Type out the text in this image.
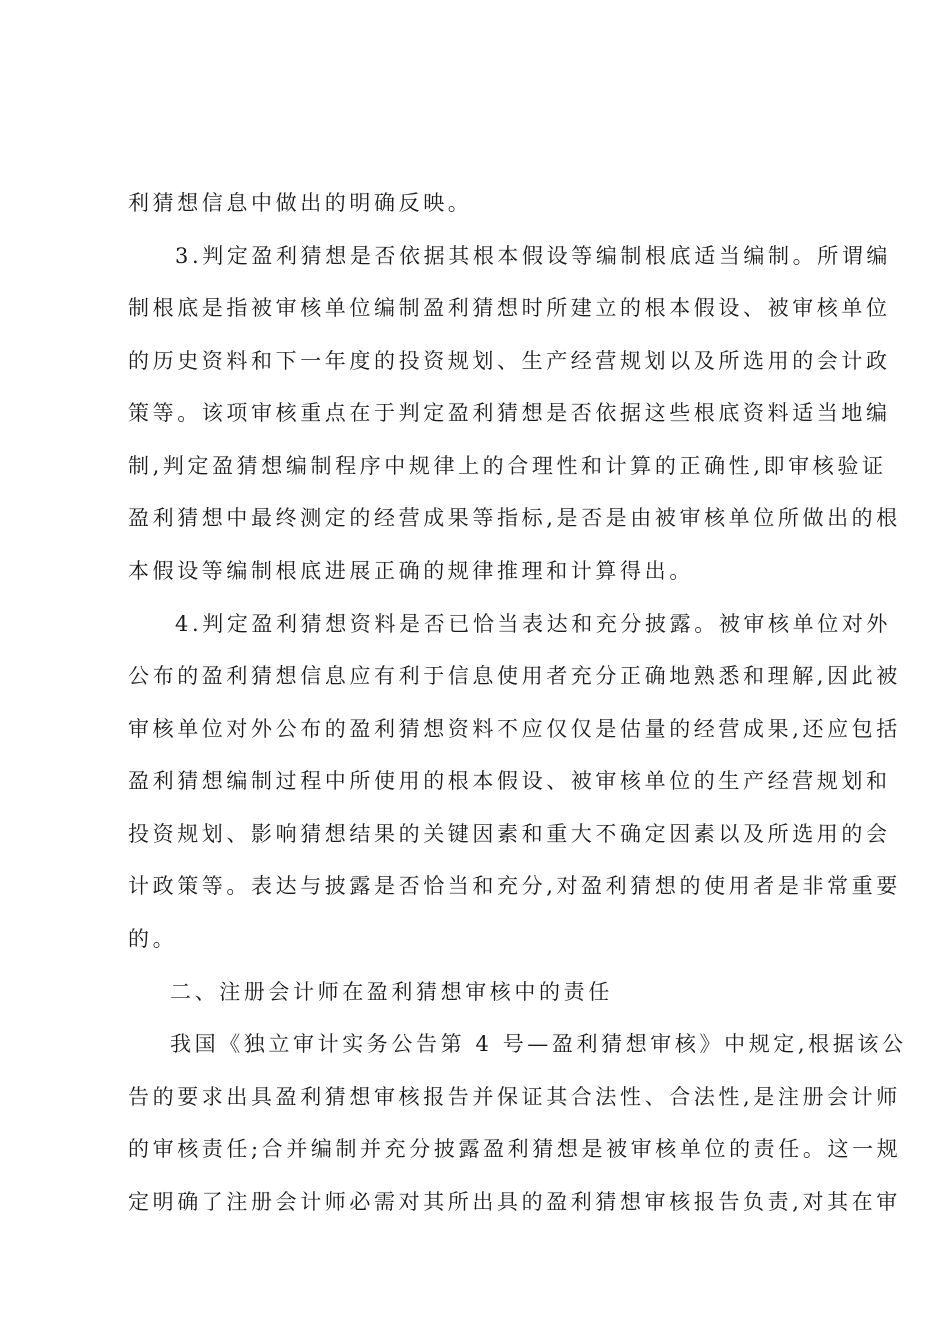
利猜想信息中做出的明确反映。
3.判定盈利猜想是否依据其根本假设等编制根底适当编制。所谓编
制根底是指被审核单位编制盈利猜想时所建立的根本假设、被审核单位
的历史资料和下一年度的投资规划、生产经营规划以及所选用的会计政
策等。该项审核重点在于判定盈利猜想是否依据这些根底资料适当地编
制,判定盈猜想编制程序中规律上的合理性和计算的正确性,即审核验证
盈利猜想中最终测定的经营成果等指标,是否是由被审核单位所做出的根
本假设等编制根底进展正确的规律推理和计算得出。
4.判定盈利猜想资料是否已恰当表达和充分披露。被审核单位对外
公布的盈利猜想信息应有利于信息使用者充分正确地熟悉和理解,因此被
审核单位对外公布的盈利猜想资料不应仅仅是估量的经营成果,还应包括
盈利猜想编制过程中所使用的根本假设、被审核单位的生产经营规划和
投资规划、影响猜想结果的关键因素和重大不确定因素以及所选用的会
计政策等。表达与披露是否恰当和充分,对盈利猜想的使用者是非常重要
的。
二、注册会计师在盈利猜想审核中的责任
我国《独立审计实务公告第 4 号—盈利猜想审核》中规定,根据该公
告的要求出具盈利猜想审核报告并保证其合法性、合法性,是注册会计师
的审核责任;合并编制并充分披露盈利猜想是被审核单位的责任。这一规
定明确了注册会计师必需对其所出具的盈利猜想审核报告负责,对其在审
